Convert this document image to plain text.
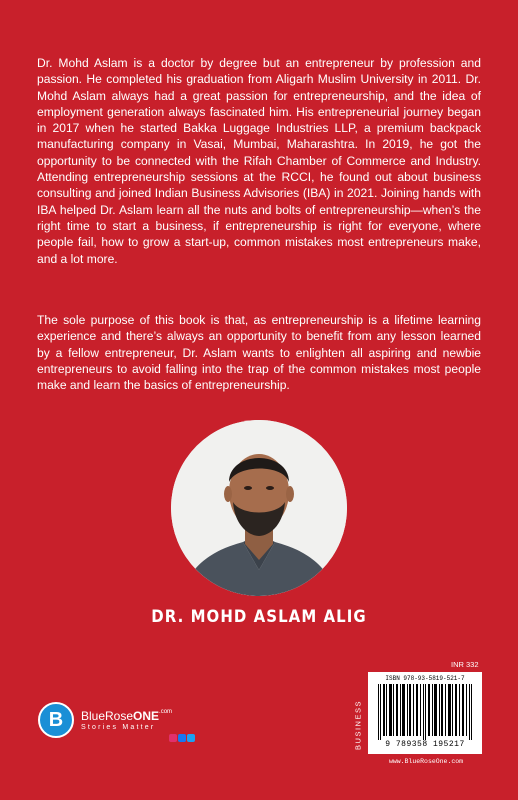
Dr. Mohd Aslam is a doctor by degree but an entrepreneur by profession and passion. He completed his graduation from Aligarh Muslim University in 2011. Dr. Mohd Aslam always had a great passion for entrepreneurship, and the idea of employment generation always fascinated him. His entrepreneurial journey began in 2017 when he started Bakka Luggage Industries LLP, a premium backpack manufacturing company in Vasai, Mumbai, Maharashtra. In 2019, he got the opportunity to be connected with the Rifah Chamber of Commerce and Industry. Attending entrepreneurship sessions at the RCCI, he found out about business consulting and joined Indian Business Advisories (IBA) in 2021. Joining hands with IBA helped Dr. Aslam learn all the nuts and bolts of entrepreneurship—when’s the right time to start a business, if entrepreneurship is right for everyone, where people fail, how to grow a start-up, common mistakes most entrepreneurs make, and a lot more.

The sole purpose of this book is that, as entrepreneurship is a lifetime learning experience and there’s always an opportunity to benefit from any lesson learned by a fellow entrepreneur, Dr. Aslam wants to enlighten all aspiring and newbie entrepreneurs to avoid falling into the trap of the common mistakes most people make and learn the basics of entrepreneurship.

DR. MOHD ASLAM ALIG
INR 332
BUSINESS
ISBN 978-93-5819-521-7
9 789358 195217
www.BlueRoseOne.com
B	BlueRoseONE$^{.com}$
Stories Matter
